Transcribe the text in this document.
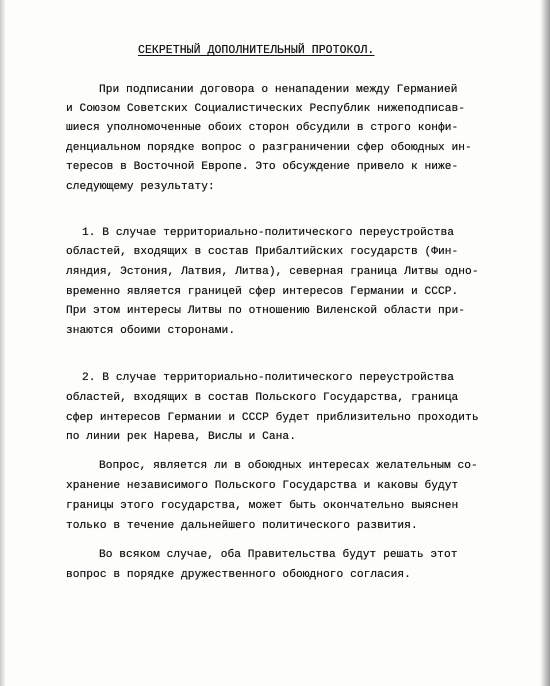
СЕКРЕТНЫЙ ДОПОЛНИТЕЛЬНЫЙ ПРОТОКОЛ.
При подписании договора о ненападении между Германией
и Союзом Советских Социалистических Республик нижеподписав-
шиеся уполномоченные обоих сторон обсудили в строго конфи-
денциальном порядке вопрос о разграничении сфер обоюдных ин-
тересов в Восточной Европе. Это обсуждение привело к ниже-
следующему результату:
1. В случае территориально-политического переустройства
областей, входящих в состав Прибалтийских государств (Фин-
ляндия, Эстония, Латвия, Литва), северная граница Литвы одно-
временно является границей сфер интересов Германии и СССР.
При этом интересы Литвы по отношению Виленской области при-
знаются обоими сторонами.
2. В случае территориально-политического переустройства
областей, входящих в состав Польского Государства, граница
сфер интересов Германии и СССР будет приблизительно проходить
по линии рек Нарева, Вислы и Сана.
Вопрос, является ли в обоюдных интересах желательным со-
хранение независимого Польского Государства и каковы будут
границы этого государства, может быть окончательно выяснен
только в течение дальнейшего политического развития.
Во всяком случае, оба Правительства будут решать этот
вопрос в порядке дружественного обоюдного согласия.
